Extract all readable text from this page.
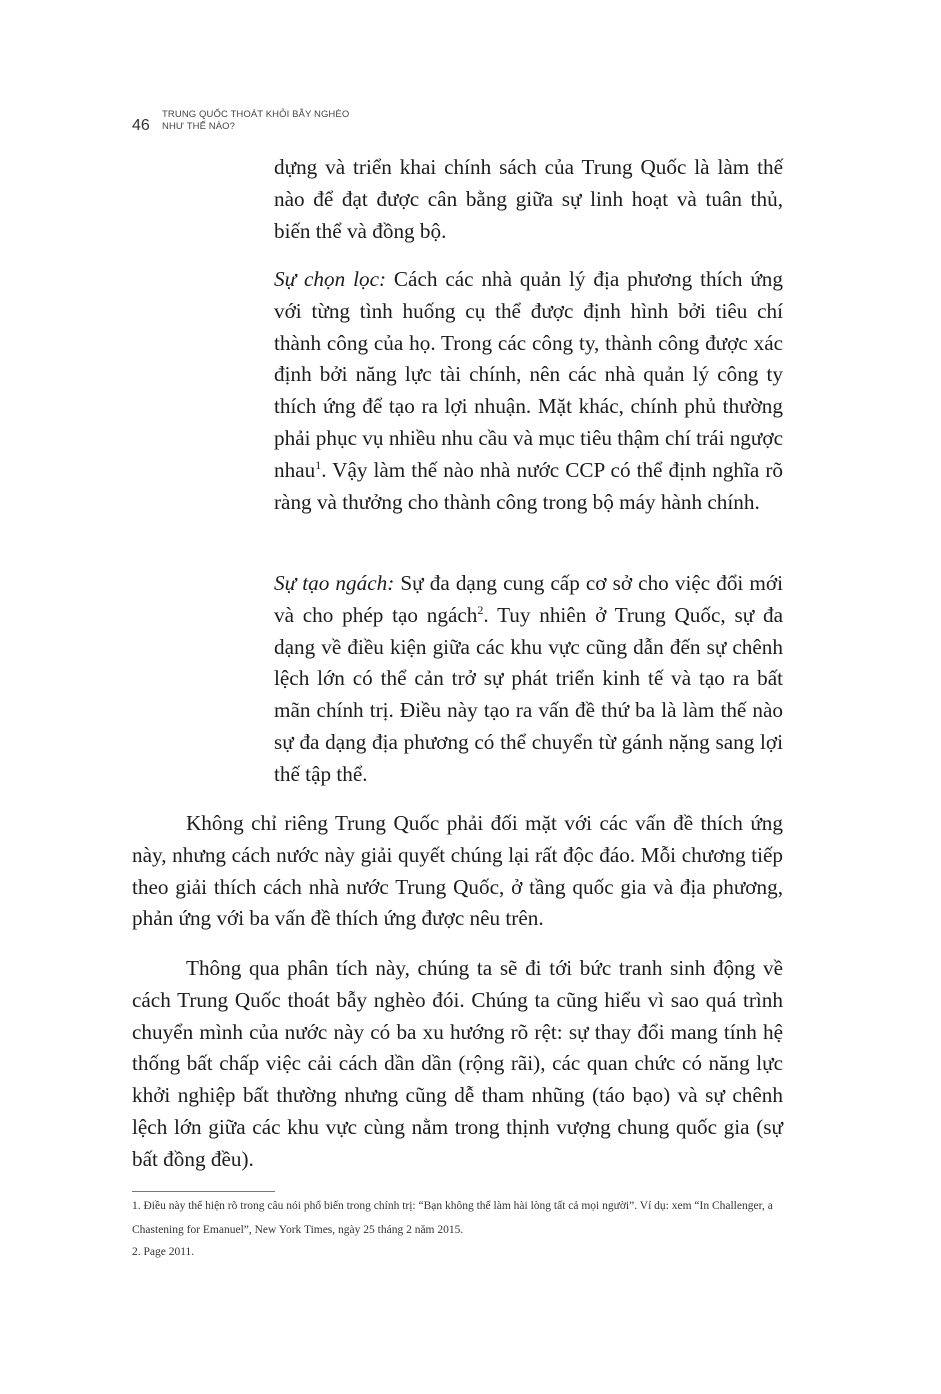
46
TRUNG QUỐC THOÁT KHỎI BẪY NGHÈO
NHƯ THẾ NÀO?

dựng và triển khai chính sách của Trung Quốc là làm thế nào để đạt được cân bằng giữa sự linh hoạt và tuân thủ, biến thể và đồng bộ.

Sự chọn lọc: Cách các nhà quản lý địa phương thích ứng với từng tình huống cụ thể được định hình bởi tiêu chí thành công của họ. Trong các công ty, thành công được xác định bởi năng lực tài chính, nên các nhà quản lý công ty thích ứng để tạo ra lợi nhuận. Mặt khác, chính phủ thường phải phục vụ nhiều nhu cầu và mục tiêu thậm chí trái ngược nhau$^1$. Vậy làm thế nào nhà nước CCP có thể định nghĩa rõ ràng và thưởng cho thành công trong bộ máy hành chính.

Sự tạo ngách: Sự đa dạng cung cấp cơ sở cho việc đổi mới và cho phép tạo ngách$^2$. Tuy nhiên ở Trung Quốc, sự đa dạng về điều kiện giữa các khu vực cũng dẫn đến sự chênh lệch lớn có thể cản trở sự phát triển kinh tế và tạo ra bất mãn chính trị. Điều này tạo ra vấn đề thứ ba là làm thế nào sự đa dạng địa phương có thể chuyển từ gánh nặng sang lợi thế tập thể.

Không chỉ riêng Trung Quốc phải đối mặt với các vấn đề thích ứng này, nhưng cách nước này giải quyết chúng lại rất độc đáo. Mỗi chương tiếp theo giải thích cách nhà nước Trung Quốc, ở tầng quốc gia và địa phương, phản ứng với ba vấn đề thích ứng được nêu trên.

Thông qua phân tích này, chúng ta sẽ đi tới bức tranh sinh động về cách Trung Quốc thoát bẫy nghèo đói. Chúng ta cũng hiểu vì sao quá trình chuyển mình của nước này có ba xu hướng rõ rệt: sự thay đổi mang tính hệ thống bất chấp việc cải cách dần dần (rộng rãi), các quan chức có năng lực khởi nghiệp bất thường nhưng cũng dễ tham nhũng (táo bạo) và sự chênh lệch lớn giữa các khu vực cùng nằm trong thịnh vượng chung quốc gia (sự bất đồng đều).

1. Điều này thể hiện rõ trong câu nói phổ biến trong chính trị: “Bạn không thể làm hài lòng tất cả mọi người”. Ví dụ: xem “In Challenger, a Chastening for Emanuel”, New York Times, ngày 25 tháng 2 năm 2015.

2. Page 2011.
